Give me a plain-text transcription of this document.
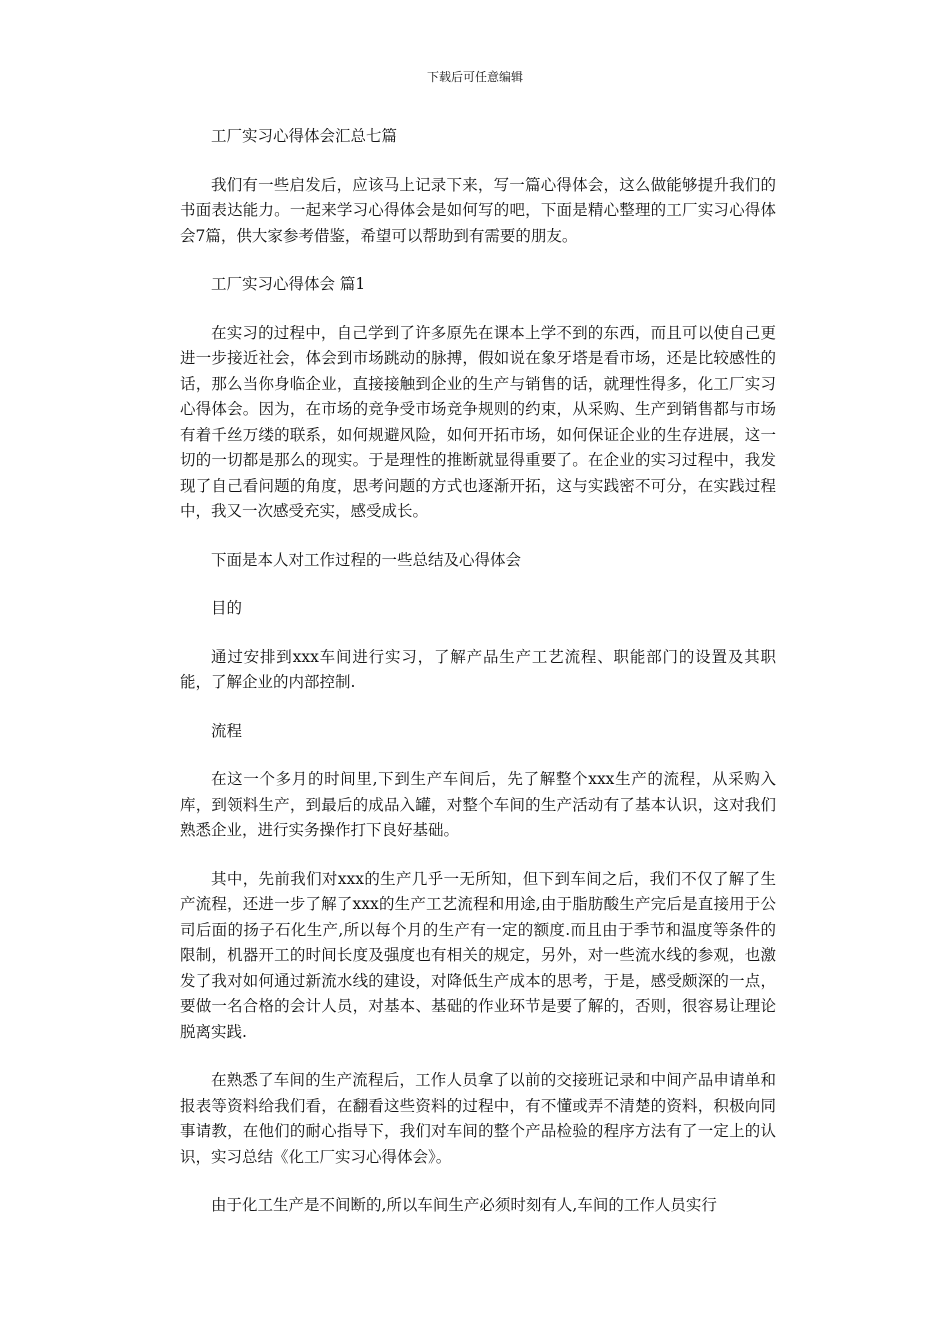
下载后可任意编辑

工厂实习心得体会汇总七篇

我们有一些启发后，应该马上记录下来，写一篇心得体会，这么做能够提升我们的书面表达能力。一起来学习心得体会是如何写的吧，下面是精心整理的工厂实习心得体会7篇，供大家参考借鉴，希望可以帮助到有需要的朋友。

工厂实习心得体会 篇1

在实习的过程中，自己学到了许多原先在课本上学不到的东西，而且可以使自己更进一步接近社会，体会到市场跳动的脉搏，假如说在象牙塔是看市场，还是比较感性的话，那么当你身临企业，直接接触到企业的生产与销售的话，就理性得多，化工厂实习心得体会。因为，在市场的竞争受市场竞争规则的约束，从采购、生产到销售都与市场有着千丝万缕的联系，如何规避风险，如何开拓市场，如何保证企业的生存进展，这一切的一切都是那么的现实。于是理性的推断就显得重要了。在企业的实习过程中，我发现了自己看问题的角度，思考问题的方式也逐渐开拓，这与实践密不可分，在实践过程中，我又一次感受充实，感受成长。

下面是本人对工作过程的一些总结及心得体会

目的

通过安排到xxx车间进行实习，了解产品生产工艺流程、职能部门的设置及其职能，了解企业的内部控制.

流程

在这一个多月的时间里,下到生产车间后，先了解整个xxx生产的流程，从采购入库，到领料生产，到最后的成品入罐，对整个车间的生产活动有了基本认识，这对我们熟悉企业，进行实务操作打下良好基础。

其中，先前我们对xxx的生产几乎一无所知，但下到车间之后，我们不仅了解了生产流程，还进一步了解了xxx的生产工艺流程和用途,由于脂肪酸生产完后是直接用于公司后面的扬子石化生产,所以每个月的生产有一定的额度.而且由于季节和温度等条件的限制，机器开工的时间长度及强度也有相关的规定，另外，对一些流水线的参观，也激发了我对如何通过新流水线的建设，对降低生产成本的思考，于是，感受颇深的一点，要做一名合格的会计人员，对基本、基础的作业环节是要了解的，否则，很容易让理论脱离实践.

在熟悉了车间的生产流程后，工作人员拿了以前的交接班记录和中间产品申请单和报表等资料给我们看，在翻看这些资料的过程中，有不懂或弄不清楚的资料，积极向同事请教，在他们的耐心指导下，我们对车间的整个产品检验的程序方法有了一定上的认识，实习总结《化工厂实习心得体会》。

由于化工生产是不间断的,所以车间生产必须时刻有人,车间的工作人员实行
